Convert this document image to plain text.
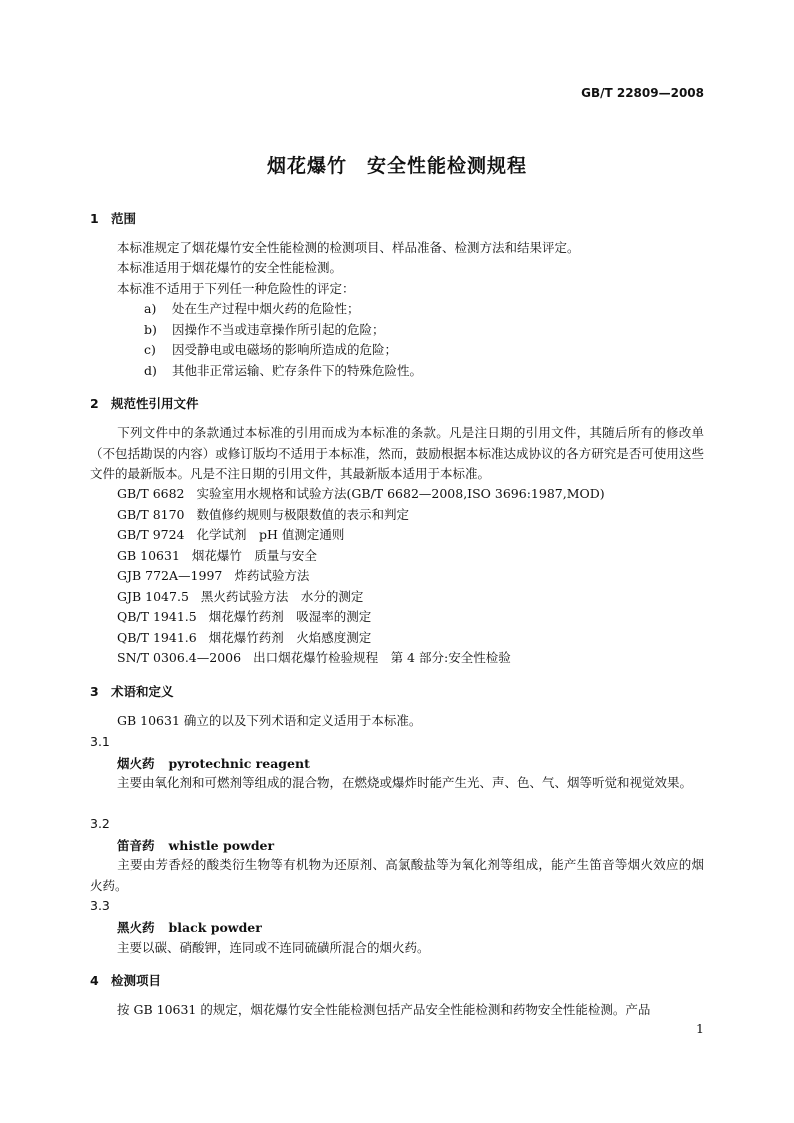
GB/T 22809—2008
烟花爆竹　安全性能检测规程
1 范围
本标准规定了烟花爆竹安全性能检测的检测项目、样品准备、检测方法和结果评定。
本标准适用于烟花爆竹的安全性能检测。
本标准不适用于下列任一种危险性的评定：
a) 处在生产过程中烟火药的危险性；
b) 因操作不当或违章操作所引起的危险；
c) 因受静电或电磁场的影响所造成的危险；
d) 其他非正常运输、贮存条件下的特殊危险性。
2 规范性引用文件
下列文件中的条款通过本标准的引用而成为本标准的条款。凡是注日期的引用文件，其随后所有的修改单（不包括勘误的内容）或修订版均不适用于本标准，然而，鼓励根据本标准达成协议的各方研究是否可使用这些文件的最新版本。凡是不注日期的引用文件，其最新版本适用于本标准。
GB/T 6682 实验室用水规格和试验方法(GB/T 6682—2008,ISO 3696:1987,MOD)
GB/T 8170 数值修约规则与极限数值的表示和判定
GB/T 9724 化学试剂　pH 值测定通则
GB 10631 烟花爆竹　质量与安全
GJB 772A—1997 炸药试验方法
GJB 1047.5 黑火药试验方法　水分的测定
QB/T 1941.5 烟花爆竹药剂　吸湿率的测定
QB/T 1941.6 烟花爆竹药剂　火焰感度测定
SN/T 0306.4—2006 出口烟花爆竹检验规程　第 4 部分:安全性检验
3 术语和定义
GB 10631 确立的以及下列术语和定义适用于本标准。
3.1
烟火药 pyrotechnic reagent
主要由氧化剂和可燃剂等组成的混合物，在燃烧或爆炸时能产生光、声、色、气、烟等听觉和视觉效果。
3.2
笛音药 whistle powder
主要由芳香烃的酸类衍生物等有机物为还原剂、高氯酸盐等为氧化剂等组成，能产生笛音等烟火效应的烟火药。
3.3
黑火药 black powder
主要以碳、硝酸钾，连同或不连同硫磺所混合的烟火药。
4 检测项目
按 GB 10631 的规定，烟花爆竹安全性能检测包括产品安全性能检测和药物安全性能检测。产品
1
